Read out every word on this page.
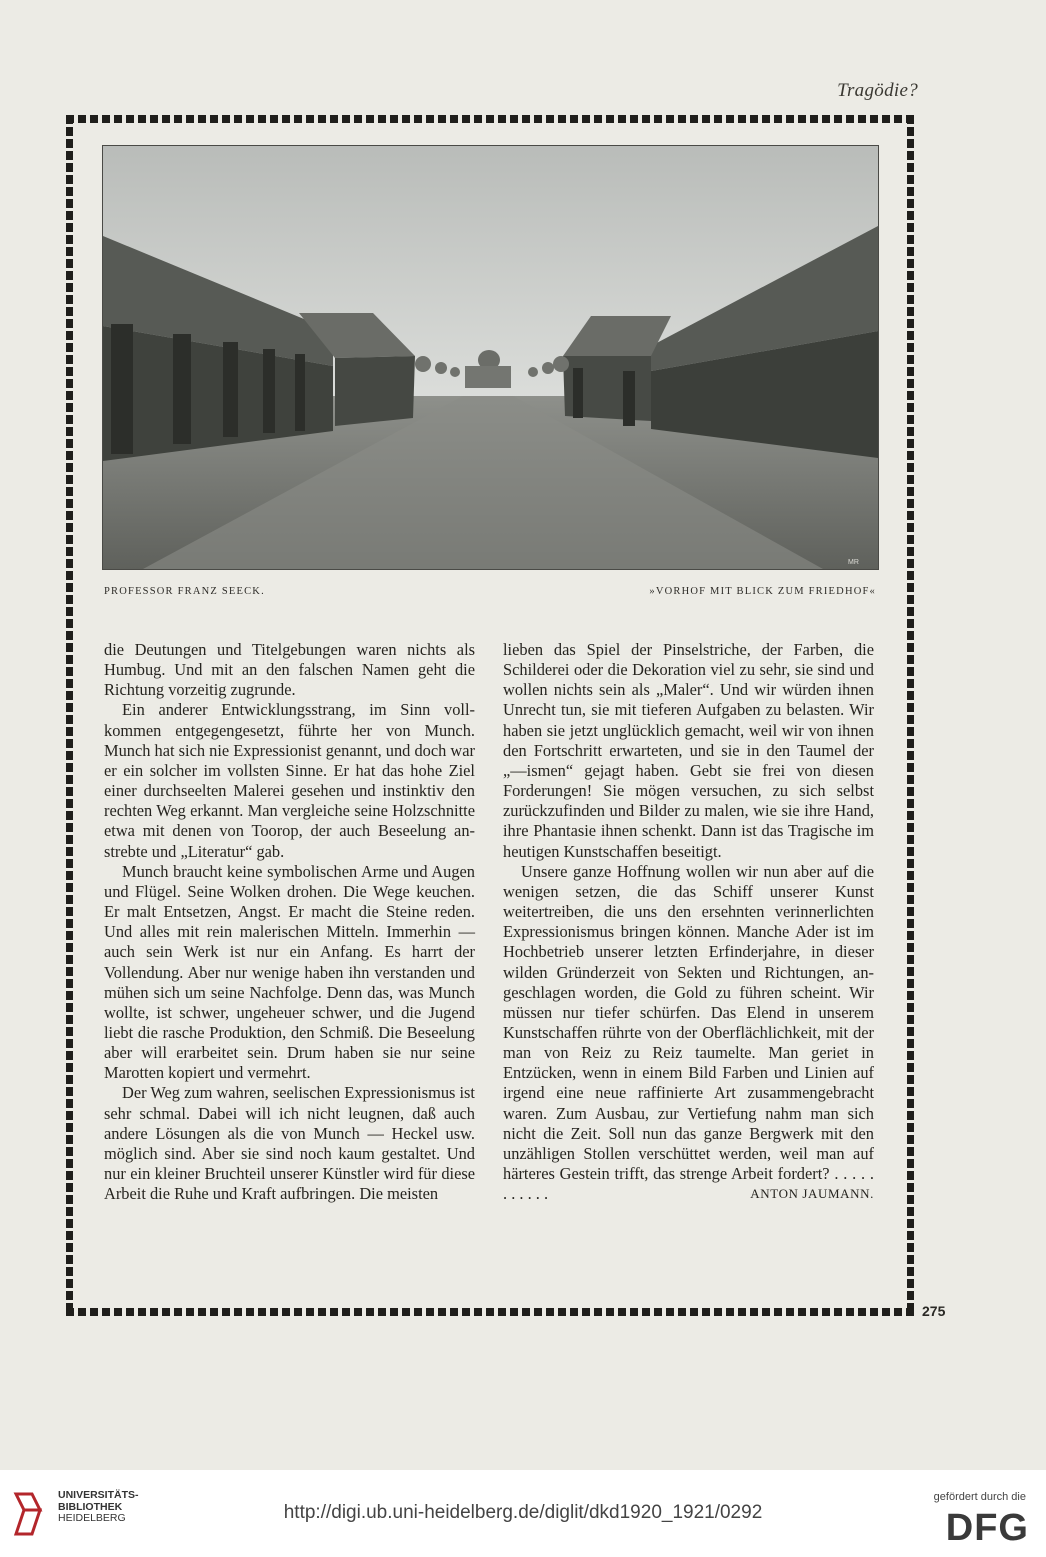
Tragödie?
MR
PROFESSOR FRANZ SEECK.	»VORHOF MIT BLICK ZUM FRIEDHOF«

die Deutungen und Titelgebungen waren nichts als Humbug. Und mit an den falschen Namen geht die Richtung vorzeitig zugrunde.

Ein anderer Entwicklungsstrang, im Sinn vollkommen entgegengesetzt, führte her von Munch. Munch hat sich nie Expressionist genannt, und doch war er ein solcher im vollsten Sinne. Er hat das hohe Ziel einer durchseelten Malerei gesehen und instinktiv den rechten Weg erkannt. Man vergleiche seine Holzschnitte etwa mit denen von Toorop, der auch Beseelung anstrebte und „Literatur“ gab.

Munch braucht keine symbolischen Arme und Augen und Flügel. Seine Wolken drohen. Die Wege keuchen. Er malt Entsetzen, Angst. Er macht die Steine reden. Und alles mit rein malerischen Mitteln. Immerhin — auch sein Werk ist nur ein Anfang. Es harrt der Vollendung. Aber nur wenige haben ihn verstanden und mühen sich um seine Nachfolge. Denn das, was Munch wollte, ist schwer, ungeheuer schwer, und die Jugend liebt die rasche Produktion, den Schmiß. Die Beseelung aber will erarbeitet sein. Drum haben sie nur seine Marotten kopiert und vermehrt.

Der Weg zum wahren, seelischen Expressionismus ist sehr schmal. Dabei will ich nicht leugnen, daß auch andere Lösungen als die von Munch — Heckel usw. möglich sind. Aber sie sind noch kaum gestaltet. Und nur ein kleiner Bruchteil unserer Künstler wird für diese Arbeit die Ruhe und Kraft aufbringen. Die meisten

lieben das Spiel der Pinselstriche, der Farben, die Schilderei oder die Dekoration viel zu sehr, sie sind und wollen nichts sein als „Maler“. Und wir würden ihnen Unrecht tun, sie mit tieferen Aufgaben zu belasten. Wir haben sie jetzt unglücklich gemacht, weil wir von ihnen den Fortschritt erwarteten, und sie in den Taumel der „—ismen“ gejagt haben. Gebt sie frei von diesen Forderungen! Sie mögen versuchen, zu sich selbst zurückzufinden und Bilder zu malen, wie sie ihre Hand, ihre Phantasie ihnen schenkt. Dann ist das Tragische im heutigen Kunstschaffen beseitigt.

Unsere ganze Hoffnung wollen wir nun aber auf die wenigen setzen, die das Schiff unserer Kunst weitertreiben, die uns den ersehnten verinnerlichten Expressionismus bringen können. Manche Ader ist im Hochbetrieb unserer letzten Erfinderjahre, in dieser wilden Gründerzeit von Sekten und Richtungen, angeschlagen worden, die Gold zu führen scheint. Wir müssen nur tiefer schürfen. Das Elend in unserem Kunstschaffen rührte von der Oberflächlichkeit, mit der man von Reiz zu Reiz taumelte. Man geriet in Entzücken, wenn in einem Bild Farben und Linien auf irgend eine neue raffinierte Art zusammengebracht waren. Zum Ausbau, zur Vertiefung nahm man sich nicht die Zeit. Soll nun das ganze Bergwerk mit den unzähligen Stollen verschüttet werden, weil man auf härteres Gestein trifft, das strenge Arbeit fordert? . . . . . . . . . . .	ANTON JAUMANN.

275
UNIVERSITÄTS-
BIBLIOTHEK
HEIDELBERG	http://digi.ub.uni-heidelberg.de/diglit/dkd1920_1921/0292
gefördert durch die
DFG
